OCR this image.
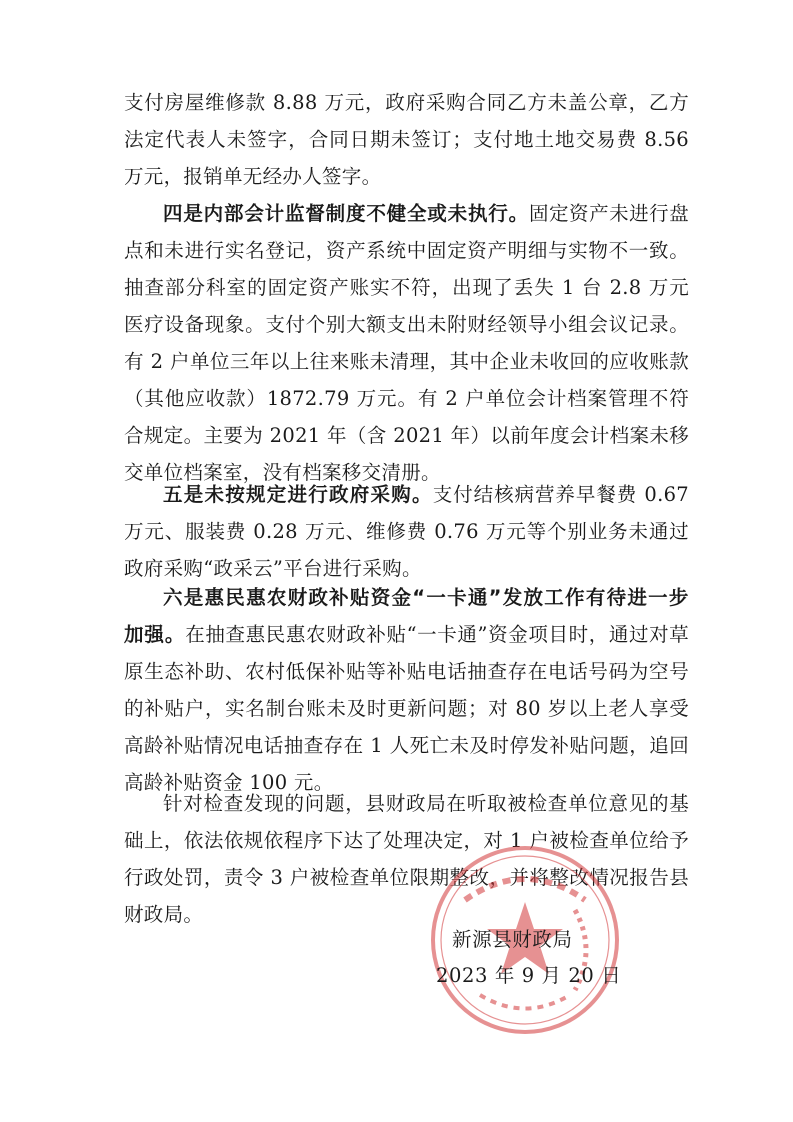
支付房屋维修款 8.88 万元，政府采购合同乙方未盖公章，乙方法定代表人未签字，合同日期未签订；支付地土地交易费 8.56 万元，报销单无经办人签字。

四是内部会计监督制度不健全或未执行。固定资产未进行盘点和未进行实名登记，资产系统中固定资产明细与实物不一致。抽查部分科室的固定资产账实不符，出现了丢失 1 台 2.8 万元医疗设备现象。支付个别大额支出未附财经领导小组会议记录。有 2 户单位三年以上往来账未清理，其中企业未收回的应收账款（其他应收款）1872.79 万元。有 2 户单位会计档案管理不符合规定。主要为 2021 年（含 2021 年）以前年度会计档案未移交单位档案室，没有档案移交清册。

五是未按规定进行政府采购。支付结核病营养早餐费 0.67 万元、服装费 0.28 万元、维修费 0.76 万元等个别业务未通过政府采购“政采云”平台进行采购。

六是惠民惠农财政补贴资金“一卡通”发放工作有待进一步加强。在抽查惠民惠农财政补贴“一卡通”资金项目时，通过对草原生态补助、农村低保补贴等补贴电话抽查存在电话号码为空号的补贴户，实名制台账未及时更新问题；对 80 岁以上老人享受高龄补贴情况电话抽查存在 1 人死亡未及时停发补贴问题，追回高龄补贴资金 100 元。

针对检查发现的问题，县财政局在听取被检查单位意见的基础上，依法依规依程序下达了处理决定，对 1 户被检查单位给予行政处罚，责令 3 户被检查单位限期整改，并将整改情况报告县财政局。

新源县财政局
2023 年 9 月 20 日
